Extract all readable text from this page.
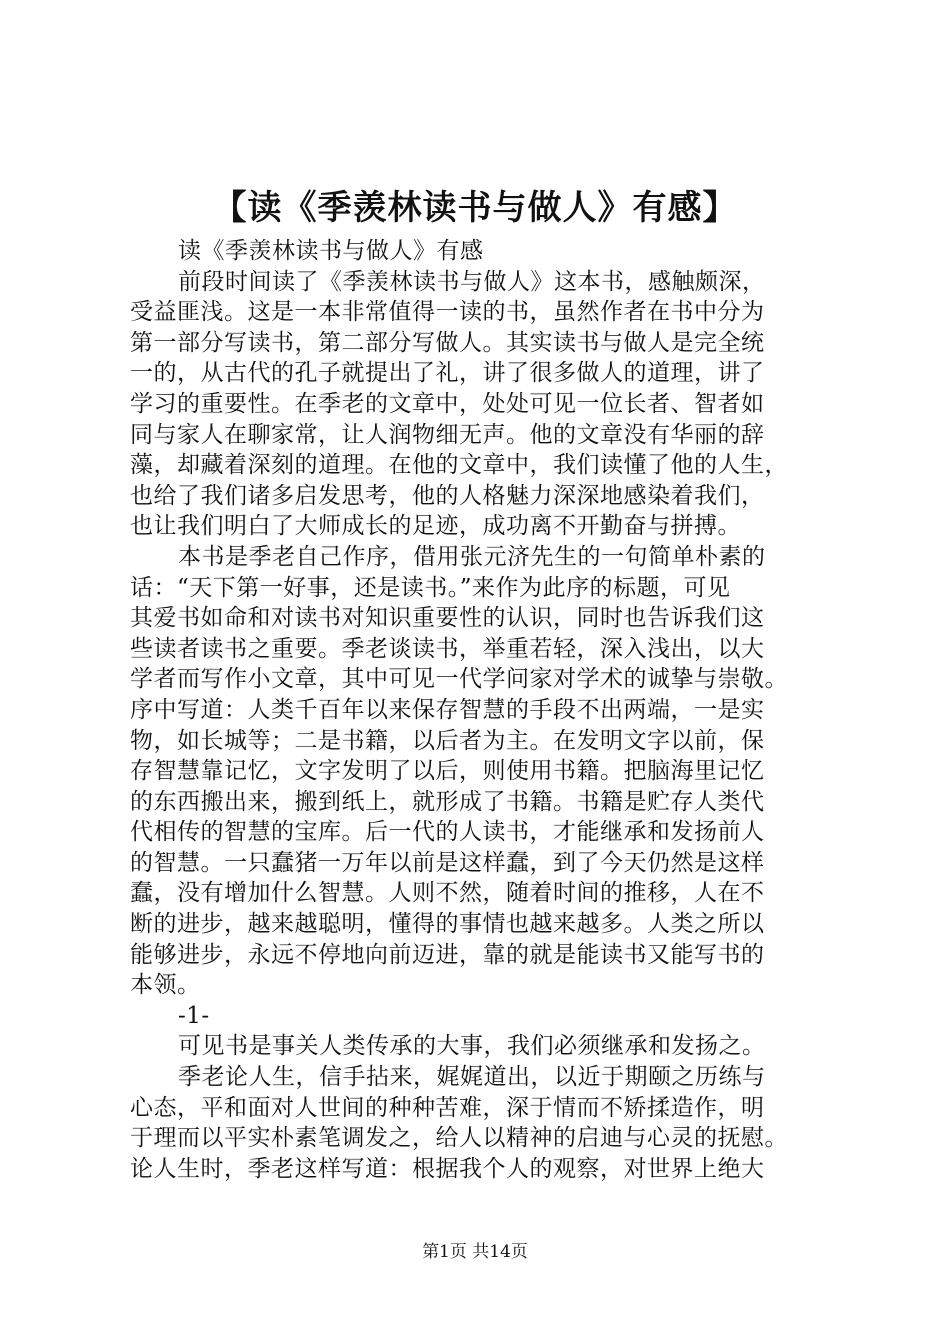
【读《季羡林读书与做人》有感】
读《季羡林读书与做人》有感
前段时间读了《季羡林读书与做人》这本书，感触颇深，
受益匪浅。这是一本非常值得一读的书，虽然作者在书中分为
第一部分写读书，第二部分写做人。其实读书与做人是完全统
一的，从古代的孔子就提出了礼，讲了很多做人的道理，讲了
学习的重要性。在季老的文章中，处处可见一位长者、智者如
同与家人在聊家常，让人润物细无声。他的文章没有华丽的辞
藻，却藏着深刻的道理。在他的文章中，我们读懂了他的人生，
也给了我们诸多启发思考，他的人格魅力深深地感染着我们，
也让我们明白了大师成长的足迹，成功离不开勤奋与拼搏。
本书是季老自己作序，借用张元济先生的一句简单朴素的
话：“天下第一好事，还是读书。”来作为此序的标题，可见
其爱书如命和对读书对知识重要性的认识，同时也告诉我们这
些读者读书之重要。季老谈读书，举重若轻，深入浅出，以大
学者而写作小文章，其中可见一代学问家对学术的诚挚与崇敬。
序中写道：人类千百年以来保存智慧的手段不出两端，一是实
物，如长城等；二是书籍，以后者为主。在发明文字以前，保
存智慧靠记忆，文字发明了以后，则使用书籍。把脑海里记忆
的东西搬出来，搬到纸上，就形成了书籍。书籍是贮存人类代
代相传的智慧的宝库。后一代的人读书，才能继承和发扬前人
的智慧。一只蠢猪一万年以前是这样蠢，到了今天仍然是这样
蠢，没有增加什么智慧。人则不然，随着时间的推移，人在不
断的进步，越来越聪明，懂得的事情也越来越多。人类之所以
能够进步，永远不停地向前迈进，靠的就是能读书又能写书的
本领。
-1-
可见书是事关人类传承的大事，我们必须继承和发扬之。
季老论人生，信手拈来，娓娓道出，以近于期颐之历练与
心态，平和面对人世间的种种苦难，深于情而不矫揉造作，明
于理而以平实朴素笔调发之，给人以精神的启迪与心灵的抚慰。
论人生时，季老这样写道：根据我个人的观察，对世界上绝大
第1页 共14页
